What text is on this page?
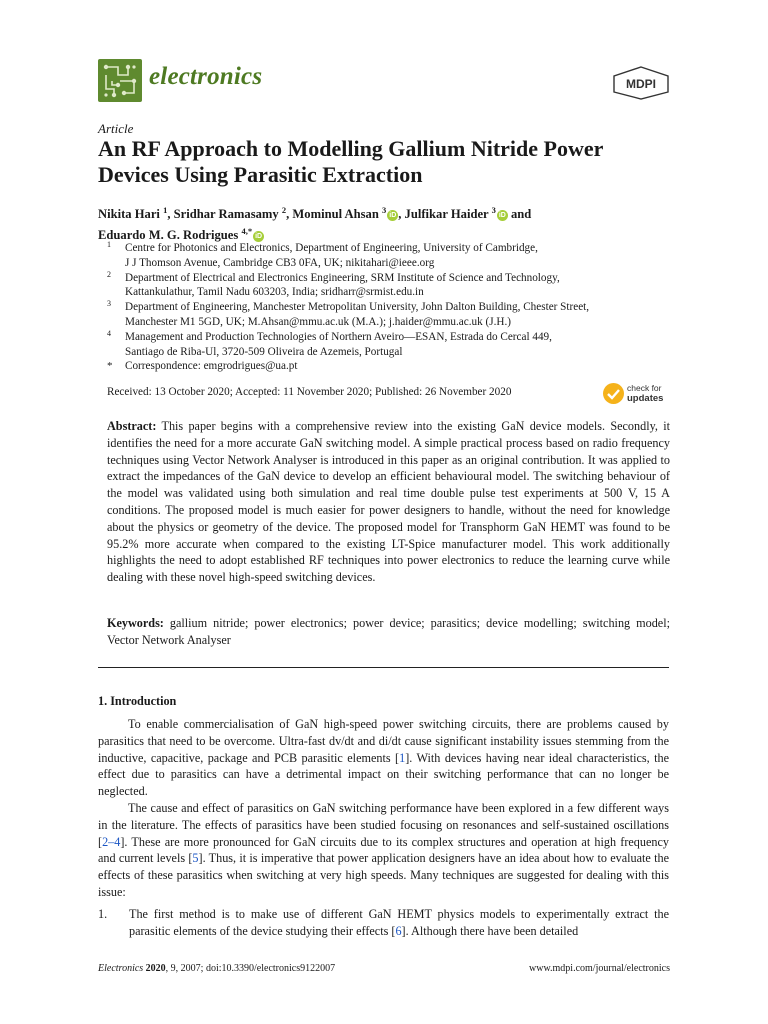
electronics	MDPI
Article
An RF Approach to Modelling Gallium Nitride Power
Devices Using Parasitic Extraction
Nikita Hari $^1$, Sridhar Ramasamy $^2$, Mominul Ahsan $^3$iD , Julfikar Haider $^3$iD and
Eduardo M. G. Rodrigues $^{4,*}$iD
1 Centre for Photonics and Electronics, Department of Engineering, University of Cambridge,
J J Thomson Avenue, Cambridge CB3 0FA, UK; nikitahari@ieee.org
2 Department of Electrical and Electronics Engineering, SRM Institute of Science and Technology,
Kattankulathur, Tamil Nadu 603203, India; sridharr@srmist.edu.in
3 Department of Engineering, Manchester Metropolitan University, John Dalton Building, Chester Street,
Manchester M1 5GD, UK; M.Ahsan@mmu.ac.uk (M.A.); j.haider@mmu.ac.uk (J.H.)
4 Management and Production Technologies of Northern Aveiro—ESAN, Estrada do Cercal 449,
Santiago de Riba-Ul, 3720-509 Oliveira de Azemeis, Portugal
* Correspondence: emgrodrigues@ua.pt
Received: 13 October 2020; Accepted: 11 November 2020; Published: 26 November 2020	check for
updates
Abstract: This paper begins with a comprehensive review into the existing GaN device models. Secondly, it identifies the need for a more accurate GaN switching model. A simple practical process based on radio frequency techniques using Vector Network Analyser is introduced in this paper as an original contribution. It was applied to extract the impedances of the GaN device to develop an efficient behavioural model. The switching behaviour of the model was validated using both simulation and real time double pulse test experiments at 500 V, 15 A conditions. The proposed model is much easier for power designers to handle, without the need for knowledge about the physics or geometry of the device. The proposed model for Transphorm GaN HEMT was found to be 95.2% more accurate when compared to the existing LT-Spice manufacturer model. This work additionally highlights the need to adopt established RF techniques into power electronics to reduce the learning curve while dealing with these novel high-speed switching devices.
Keywords: gallium nitride; power electronics; power device; parasitics; device modelling; switching model; Vector Network Analyser
1. Introduction

To enable commercialisation of GaN high-speed power switching circuits, there are problems caused by parasitics that need to be overcome. Ultra-fast dv/dt and di/dt cause significant instability issues stemming from the inductive, capacitive, package and PCB parasitic elements [1]. With devices having near ideal characteristics, the effect due to parasitics can have a detrimental impact on their switching performance that can no longer be neglected.

The cause and effect of parasitics on GaN switching performance have been explored in a few different ways in the literature. The effects of parasitics have been studied focusing on resonances and self-sustained oscillations [2–4]. These are more pronounced for GaN circuits due to its complex structures and operation at high frequency and current levels [5]. Thus, it is imperative that power application designers have an idea about how to evaluate the effects of these parasitics when switching at very high speeds. Many techniques are suggested for dealing with this issue:

1. The first method is to make use of different GaN HEMT physics models to experimentally extract the parasitic elements of the device studying their effects [6]. Although there have been detailed
Electronics 2020, 9, 2007; doi:10.3390/electronics9122007	www.mdpi.com/journal/electronics
